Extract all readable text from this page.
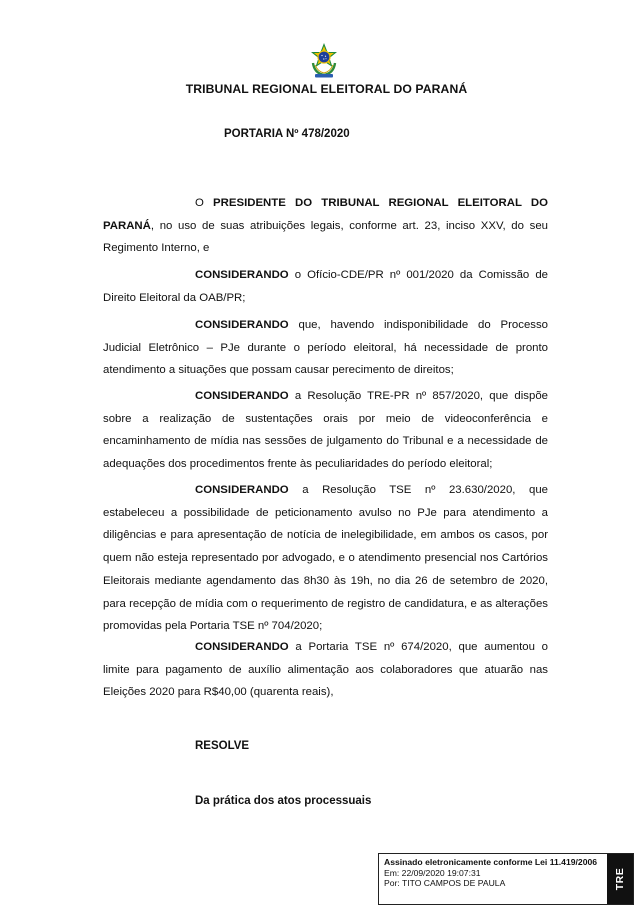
TRIBUNAL REGIONAL ELEITORAL DO PARANÁ
PORTARIA Nº 478/2020

O PRESIDENTE DO TRIBUNAL REGIONAL ELEITORAL DO PARANÁ, no uso de suas atribuições legais, conforme art. 23, inciso XXV, do seu Regimento Interno, e

CONSIDERANDO o Ofício-CDE/PR nº 001/2020 da Comissão de Direito Eleitoral da OAB/PR;

CONSIDERANDO que, havendo indisponibilidade do Processo Judicial Eletrônico – PJe durante o período eleitoral, há necessidade de pronto atendimento a situações que possam causar perecimento de direitos;

CONSIDERANDO a Resolução TRE-PR nº 857/2020, que dispõe sobre a realização de sustentações orais por meio de videoconferência e encaminhamento de mídia nas sessões de julgamento do Tribunal e a necessidade de adequações dos procedimentos frente às peculiaridades do período eleitoral;

CONSIDERANDO a Resolução TSE nº 23.630/2020, que estabeleceu a possibilidade de peticionamento avulso no PJe para atendimento a diligências e para apresentação de notícia de inelegibilidade, em ambos os casos, por quem não esteja representado por advogado, e o atendimento presencial nos Cartórios Eleitorais mediante agendamento das 8h30 às 19h, no dia 26 de setembro de 2020, para recepção de mídia com o requerimento de registro de candidatura, e as alterações promovidas pela Portaria TSE nº 704/2020;

CONSIDERANDO a Portaria TSE nº 674/2020, que aumentou o limite para pagamento de auxílio alimentação aos colaboradores que atuarão nas Eleições 2020 para R$40,00 (quarenta reais),

RESOLVE
Da prática dos atos processuais
Assinado eletronicamente conforme Lei 11.419/2006
Em: 22/09/2020 19:07:31
Por: TITO CAMPOS DE PAULA	TRE
